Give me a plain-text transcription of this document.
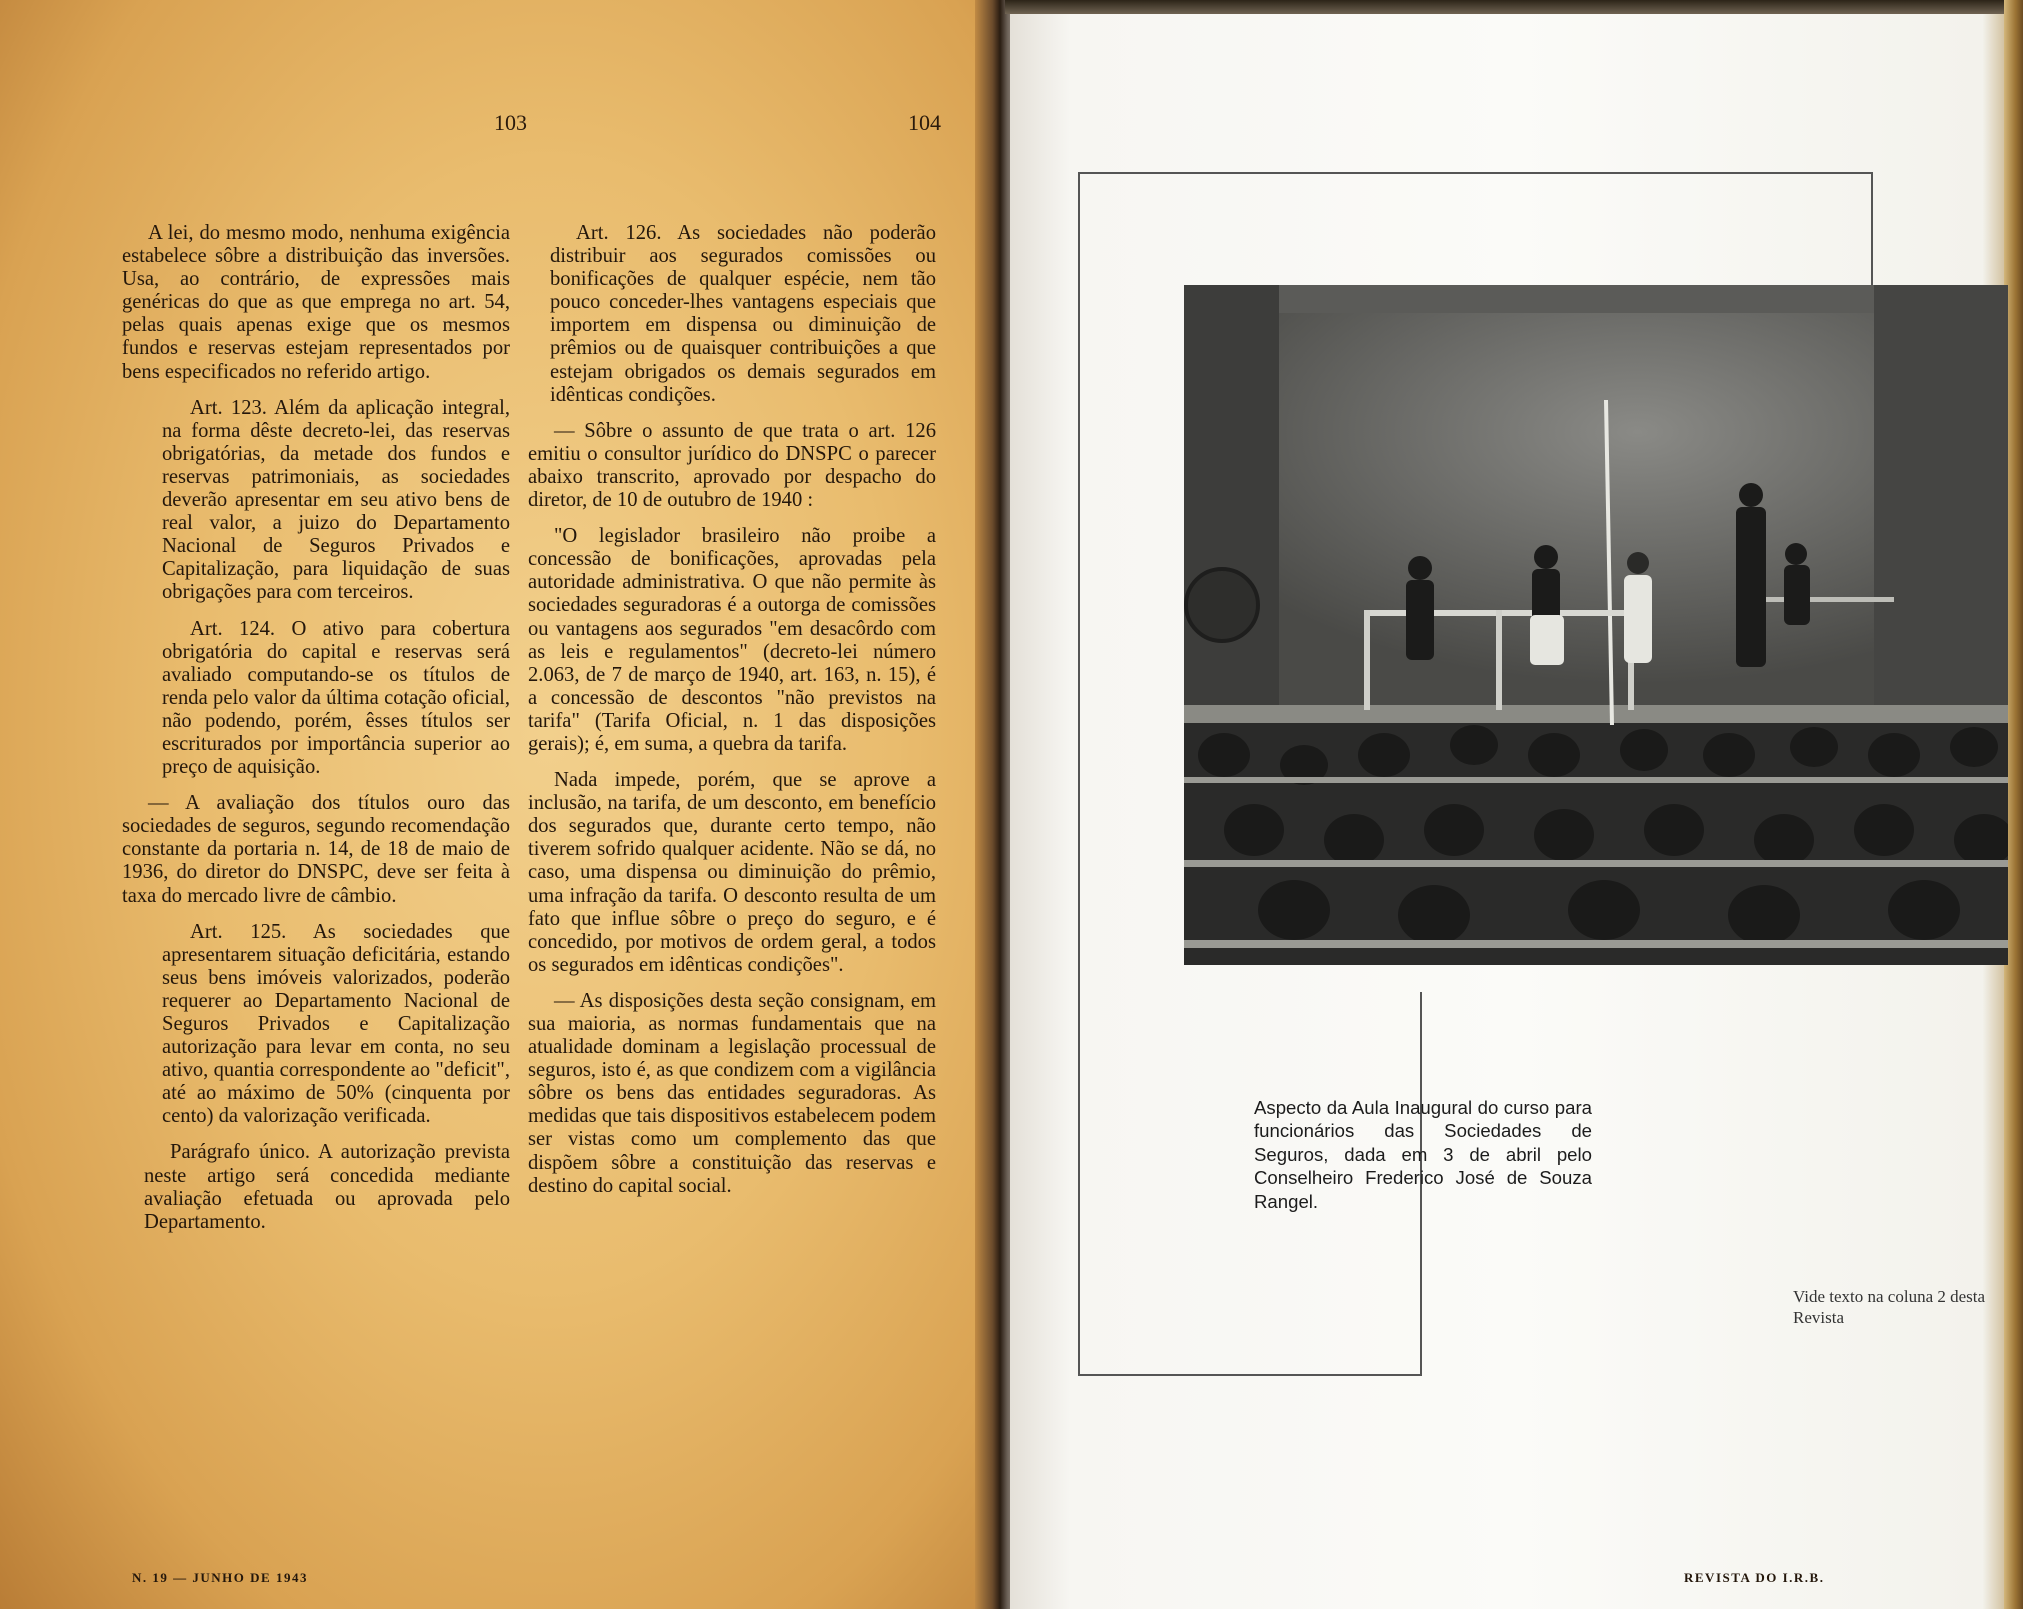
103	104

A lei, do mesmo modo, nenhuma exigência estabelece sôbre a distribuição das inversões. Usa, ao contrário, de expressões mais genéricas do que as que emprega no art. 54, pelas quais apenas exige que os mesmos fundos e reservas estejam representados por bens especificados no referido artigo.

Art. 123. Além da aplicação integral, na forma dêste decreto-lei, das reservas obrigatórias, da metade dos fundos e reservas patrimoniais, as sociedades deverão apresentar em seu ativo bens de real valor, a juizo do Departamento Nacional de Seguros Privados e Capitalização, para liquidação de suas obrigações para com terceiros.

Art. 124. O ativo para cobertura obrigatória do capital e reservas será avaliado computando-se os títulos de renda pelo valor da última cotação oficial, não podendo, porém, êsses títulos ser escriturados por importância superior ao preço de aquisição.

— A avaliação dos títulos ouro das sociedades de seguros, segundo recomendação constante da portaria n. 14, de 18 de maio de 1936, do diretor do DNSPC, deve ser feita à taxa do mercado livre de câmbio.

Art. 125. As sociedades que apresentarem situação deficitária, estando seus bens imóveis valorizados, poderão requerer ao Departamento Nacional de Seguros Privados e Capitalização autorização para levar em conta, no seu ativo, quantia correspondente ao "deficit", até ao máximo de 50% (cinquenta por cento) da valorização verificada.

Parágrafo único. A autorização prevista neste artigo será concedida mediante avaliação efetuada ou aprovada pelo Departamento.

Art. 126. As sociedades não poderão distribuir aos segurados comissões ou bonificações de qualquer espécie, nem tão pouco conceder-lhes vantagens especiais que importem em dispensa ou diminuição de prêmios ou de quaisquer contribuições a que estejam obrigados os demais segurados em idênticas condições.

— Sôbre o assunto de que trata o art. 126 emitiu o consultor jurídico do DNSPC o parecer abaixo transcrito, aprovado por despacho do diretor, de 10 de outubro de 1940 :

"O legislador brasileiro não proibe a concessão de bonificações, aprovadas pela autoridade administrativa. O que não permite às sociedades seguradoras é a outorga de comissões ou vantagens aos segurados "em desacôrdo com as leis e regulamentos" (decreto-lei número 2.063, de 7 de março de 1940, art. 163, n. 15), é a concessão de descontos "não previstos na tarifa" (Tarifa Oficial, n. 1 das disposições gerais); é, em suma, a quebra da tarifa.

Nada impede, porém, que se aprove a inclusão, na tarifa, de um desconto, em benefício dos segurados que, durante certo tempo, não tiverem sofrido qualquer acidente. Não se dá, no caso, uma dispensa ou diminuição do prêmio, uma infração da tarifa. O desconto resulta de um fato que influe sôbre o preço do seguro, e é concedido, por motivos de ordem geral, a todos os segurados em idênticas condições".

— As disposições desta seção consignam, em sua maioria, as normas fundamentais que na atualidade dominam a legislação processual de seguros, isto é, as que condizem com a vigilância sôbre os bens das entidades seguradoras. As medidas que tais dispositivos estabelecem podem ser vistas como um complemento das que dispõem sôbre a constituição das reservas e destino do capital social.

N. 19 — JUNHO DE 1943
Aspecto da Aula Inaugural do curso para funcionários das Sociedades de Seguros, dada em 3 de abril pelo Conselheiro Frederico José de Souza Rangel.
Vide texto na coluna 2 desta Revista
REVISTA DO I.R.B.
